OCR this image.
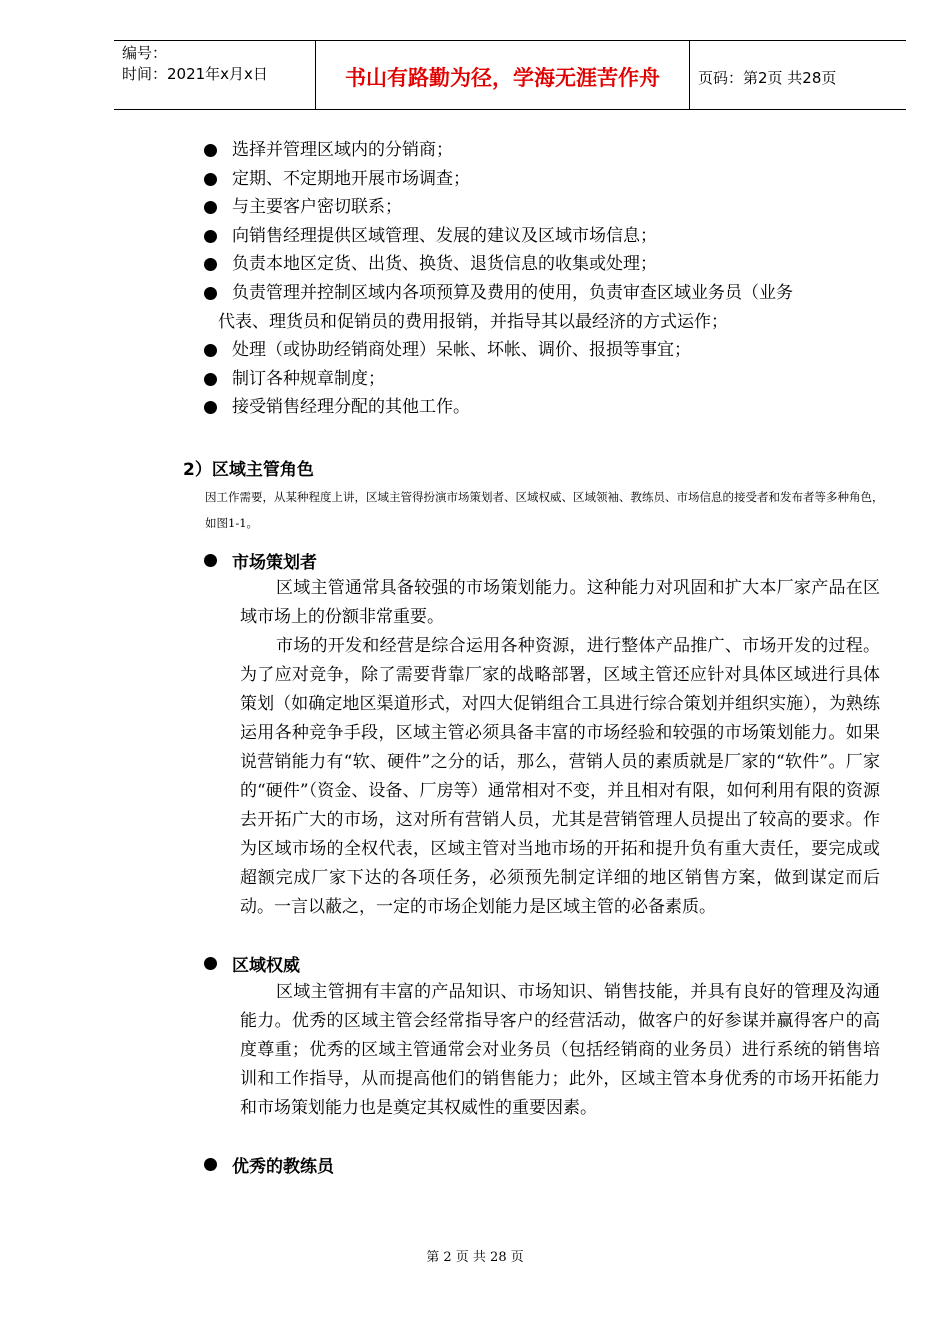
编号：
时间：2021年x月x日	书山有路勤为径，学海无涯苦作舟	页码：第2页 共28页
选择并管理区域内的分销商；
定期、不定期地开展市场调查；
与主要客户密切联系；
向销售经理提供区域管理、发展的建议及区域市场信息；
负责本地区定货、出货、换货、退货信息的收集或处理；
负责管理并控制区域内各项预算及费用的使用，负责审查区域业务员（业务
代表、理货员和促销员的费用报销，并指导其以最经济的方式运作；
处理（或协助经销商处理）呆帐、坏帐、调价、报损等事宜；
制订各种规章制度；
接受销售经理分配的其他工作。
2）区域主管角色
因工作需要，从某种程度上讲，区域主管得扮演市场策划者、区域权威、区域领袖、教练员、市场信息的接受者和发布者等多种角色，如图1-1。
市场策划者

区域主管通常具备较强的市场策划能力。这种能力对巩固和扩大本厂家产品在区域市场上的份额非常重要。

市场的开发和经营是综合运用各种资源，进行整体产品推广、市场开发的过程。为了应对竞争，除了需要背靠厂家的战略部署，区域主管还应针对具体区域进行具体策划（如确定地区渠道形式，对四大促销组合工具进行综合策划并组织实施），为熟练运用各种竞争手段，区域主管必须具备丰富的市场经验和较强的市场策划能力。如果说营销能力有“软、硬件”之分的话，那么，营销人员的素质就是厂家的“软件”。厂家的“硬件”（资金、设备、厂房等）通常相对不变，并且相对有限，如何利用有限的资源去开拓广大的市场，这对所有营销人员，尤其是营销管理人员提出了较高的要求。作为区域市场的全权代表，区域主管对当地市场的开拓和提升负有重大责任，要完成或超额完成厂家下达的各项任务，必须预先制定详细的地区销售方案，做到谋定而后动。一言以蔽之，一定的市场企划能力是区域主管的必备素质。

区域权威

区域主管拥有丰富的产品知识、市场知识、销售技能，并具有良好的管理及沟通能力。优秀的区域主管会经常指导客户的经营活动，做客户的好参谋并赢得客户的高度尊重；优秀的区域主管通常会对业务员（包括经销商的业务员）进行系统的销售培训和工作指导，从而提高他们的销售能力；此外，区域主管本身优秀的市场开拓能力和市场策划能力也是奠定其权威性的重要因素。

优秀的教练员
第 2 页 共 28 页
